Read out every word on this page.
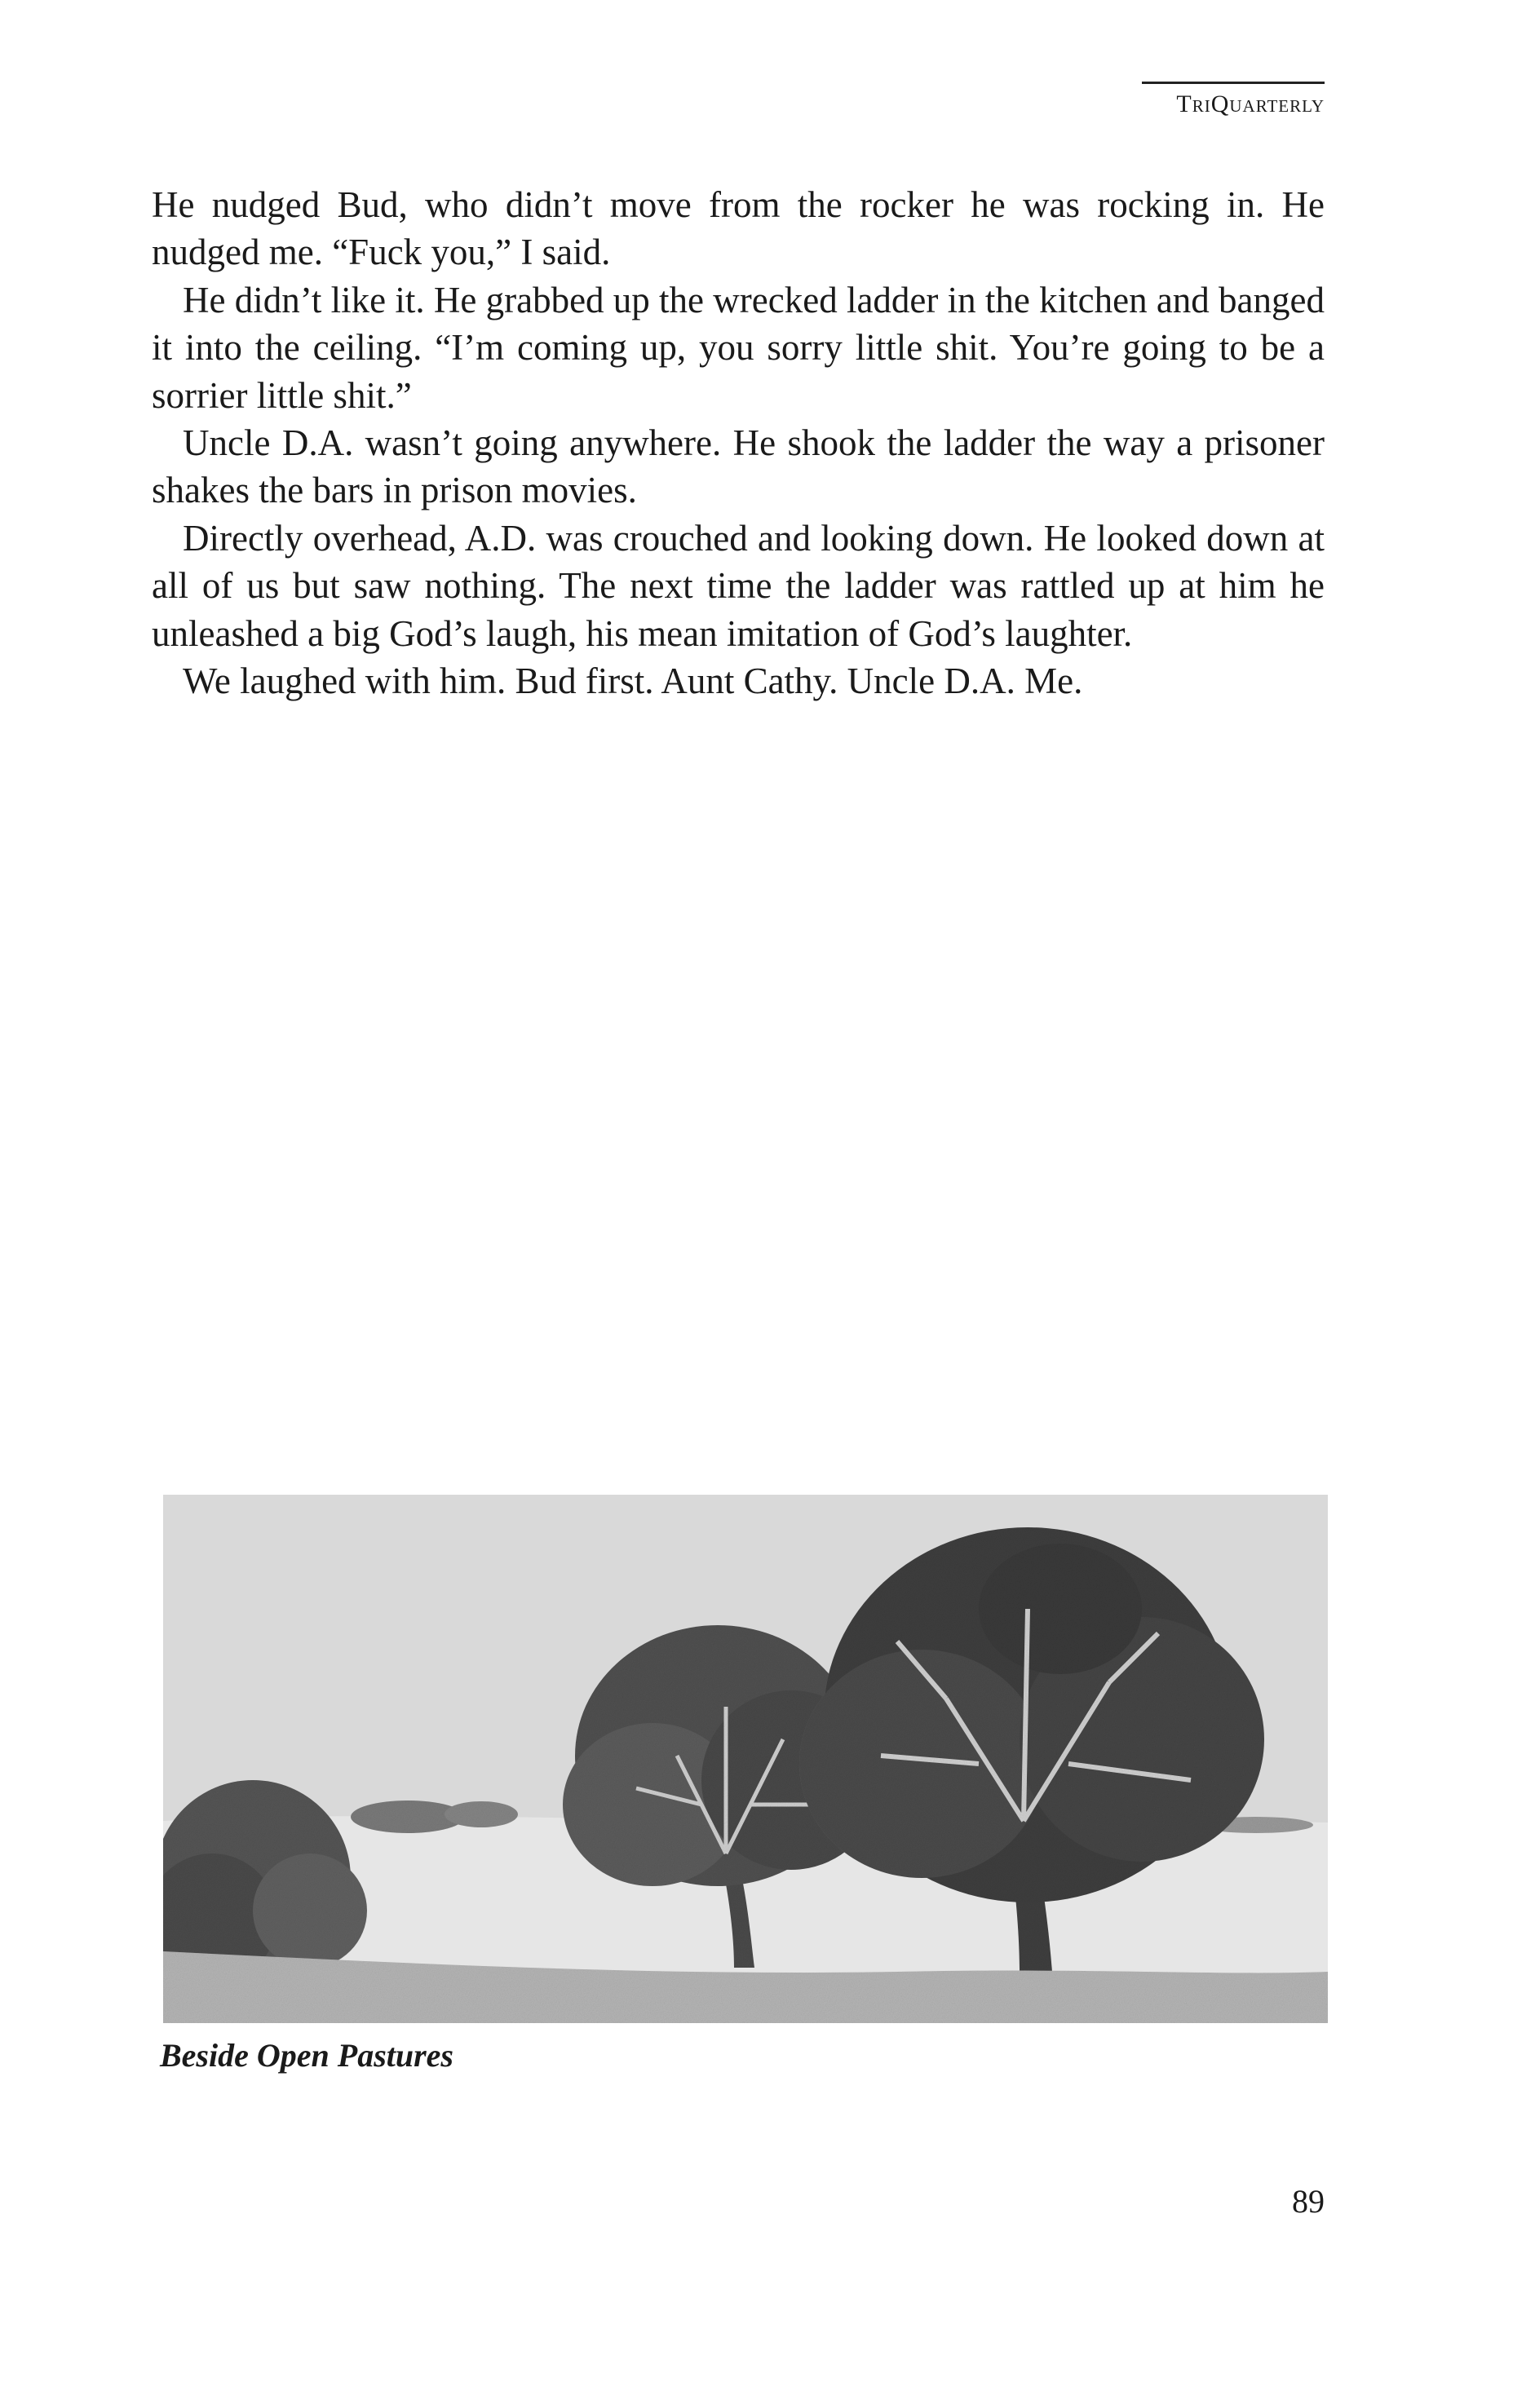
TriQuarterly

He nudged Bud, who didn’t move from the rocker he was rocking in. He nudged me. “Fuck you,” I said.

He didn’t like it. He grabbed up the wrecked ladder in the kitchen and banged it into the ceiling. “I’m coming up, you sorry little shit. You’re going to be a sorrier little shit.”

Uncle D.A. wasn’t going anywhere. He shook the ladder the way a prisoner shakes the bars in prison movies.

Directly overhead, A.D. was crouched and looking down. He looked down at all of us but saw nothing. The next time the ladder was rattled up at him he unleashed a big God’s laugh, his mean imitation of God’s laughter.

We laughed with him. Bud first. Aunt Cathy. Uncle D.A. Me.

Beside Open Pastures
89
